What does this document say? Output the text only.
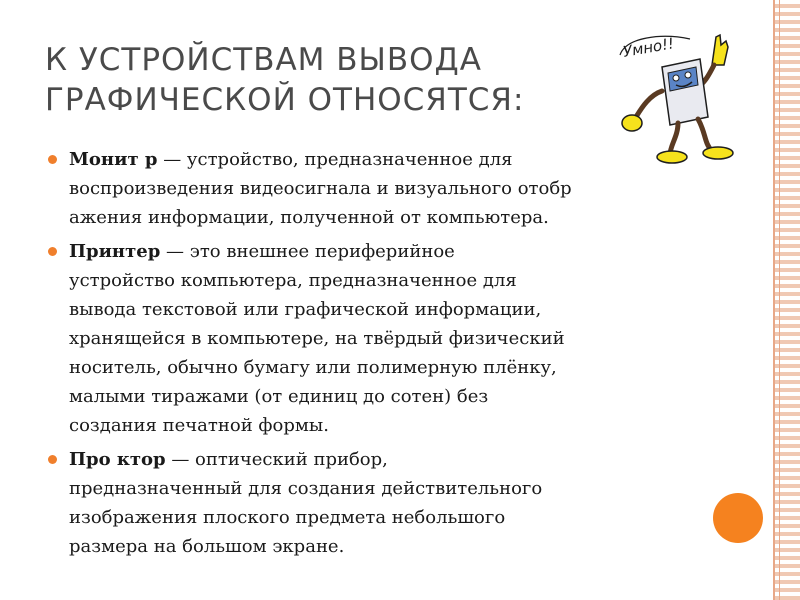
К УСТРОЙСТВАМ ВЫВОДА
ГРАФИЧЕСКОЙ ОТНОСЯТСЯ:
Умно!!
Монит р — устройство, предназначенное для
воспроизведения видеосигнала и визуального отобр
ажения информации, полученной от компьютера.
Принтер — это внешнее периферийное
устройство компьютера, предназначенное для
вывода текстовой или графической информации,
хранящейся в компьютере, на твёрдый физический
носитель, обычно бумагу или полимерную плёнку,
малыми тиражами (от единиц до сотен) без
создания печатной формы.
Про ктор — оптический прибор,
предназначенный для создания действительного
изображения плоского предмета небольшого
размера на большом экране.
